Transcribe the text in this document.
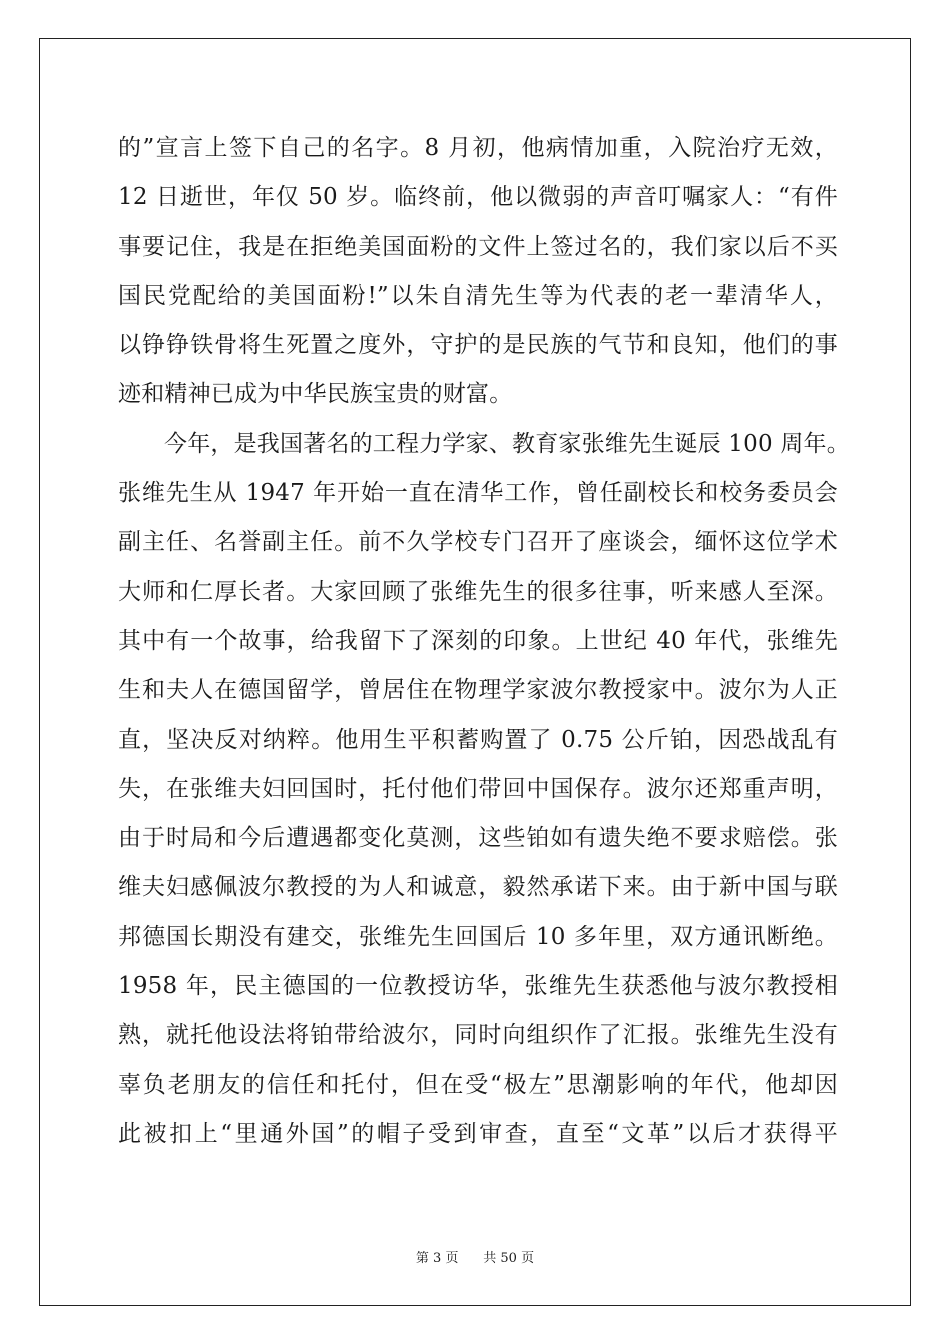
的”宣言上签下自己的名字。8 月初，他病情加重，入院治疗无效，
12 日逝世，年仅 50 岁。临终前，他以微弱的声音叮嘱家人：“有件
事要记住，我是在拒绝美国面粉的文件上签过名的，我们家以后不买
国民党配给的美国面粉!”以朱自清先生等为代表的老一辈清华人，
以铮铮铁骨将生死置之度外，守护的是民族的气节和良知，他们的事
迹和精神已成为中华民族宝贵的财富。
今年，是我国著名的工程力学家、教育家张维先生诞辰 100 周年。
张维先生从 1947 年开始一直在清华工作，曾任副校长和校务委员会
副主任、名誉副主任。前不久学校专门召开了座谈会，缅怀这位学术
大师和仁厚长者。大家回顾了张维先生的很多往事，听来感人至深。
其中有一个故事，给我留下了深刻的印象。上世纪 40 年代，张维先
生和夫人在德国留学，曾居住在物理学家波尔教授家中。波尔为人正
直，坚决反对纳粹。他用生平积蓄购置了 0.75 公斤铂，因恐战乱有
失，在张维夫妇回国时，托付他们带回中国保存。波尔还郑重声明，
由于时局和今后遭遇都变化莫测，这些铂如有遗失绝不要求赔偿。张
维夫妇感佩波尔教授的为人和诚意，毅然承诺下来。由于新中国与联
邦德国长期没有建交，张维先生回国后 10 多年里，双方通讯断绝。
1958 年，民主德国的一位教授访华，张维先生获悉他与波尔教授相
熟，就托他设法将铂带给波尔，同时向组织作了汇报。张维先生没有
辜负老朋友的信任和托付，但在受“极左”思潮影响的年代，他却因
此被扣上“里通外国”的帽子受到审查，直至“文革”以后才获得平
第 3 页 共 50 页
